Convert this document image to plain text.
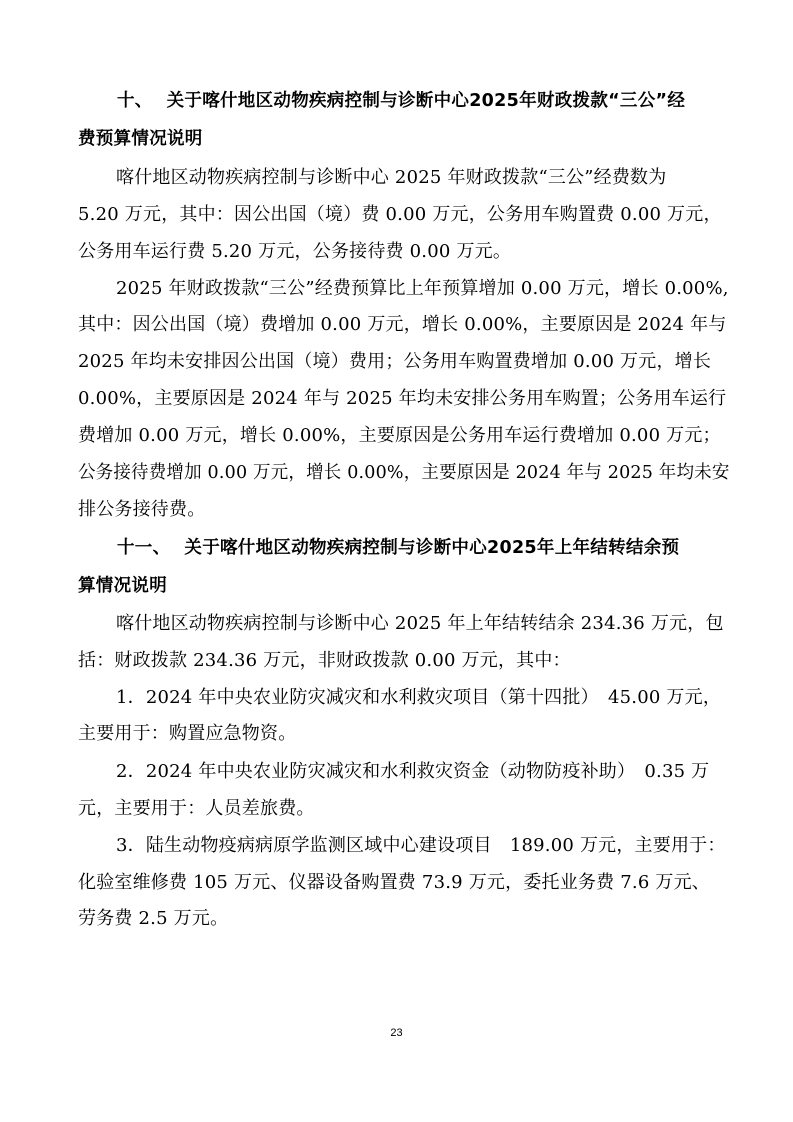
十、 关于喀什地区动物疾病控制与诊断中心2025年财政拨款“三公”经
费预算情况说明
喀什地区动物疾病控制与诊断中心 2025 年财政拨款“三公”经费数为
5.20 万元，其中：因公出国（境）费 0.00 万元，公务用车购置费 0.00 万元，
公务用车运行费 5.20 万元，公务接待费 0.00 万元。
2025 年财政拨款“三公”经费预算比上年预算增加 0.00 万元，增长 0.00%,
其中：因公出国（境）费增加 0.00 万元，增长 0.00%，主要原因是 2024 年与
2025 年均未安排因公出国（境）费用；公务用车购置费增加 0.00 万元，增长
0.00%，主要原因是 2024 年与 2025 年均未安排公务用车购置；公务用车运行
费增加 0.00 万元，增长 0.00%，主要原因是公务用车运行费增加 0.00 万元；
公务接待费增加 0.00 万元，增长 0.00%，主要原因是 2024 年与 2025 年均未安
排公务接待费。
十一、 关于喀什地区动物疾病控制与诊断中心2025年上年结转结余预
算情况说明
喀什地区动物疾病控制与诊断中心 2025 年上年结转结余 234.36 万元，包
括：财政拨款 234.36 万元，非财政拨款 0.00 万元，其中：
1．2024 年中央农业防灾减灾和水利救灾项目（第十四批）　45.00 万元，
主要用于：购置应急物资。
2．2024 年中央农业防灾减灾和水利救灾资金（动物防疫补助）　0.35 万
元，主要用于：人员差旅费。
3．陆生动物疫病病原学监测区域中心建设项目　189.00 万元，主要用于：
化验室维修费 105 万元、仪器设备购置费 73.9 万元，委托业务费 7.6 万元、
劳务费 2.5 万元。
23
